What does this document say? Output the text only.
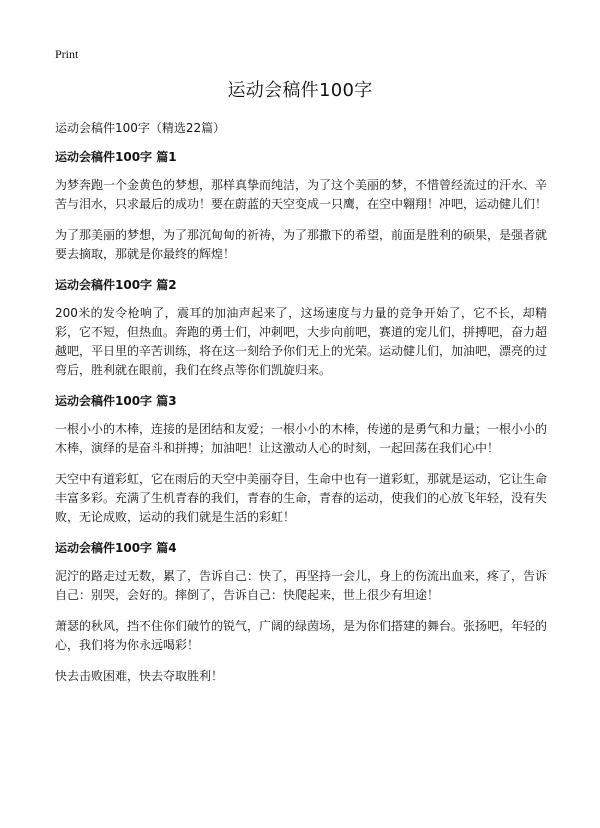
Print
运动会稿件100字

运动会稿件100字（精选22篇）

运动会稿件100字 篇1

为梦奔跑一个金黄色的梦想，那样真挚而纯洁，为了这个美丽的梦，不惜曾经流过的汗水、辛苦与泪水，只求最后的成功！要在蔚蓝的天空变成一只鹰，在空中翱翔！冲吧，运动健儿们！

为了那美丽的梦想，为了那沉甸甸的祈祷，为了那撒下的希望，前面是胜利的硕果，是强者就要去摘取，那就是你最终的辉煌！

运动会稿件100字 篇2

200米的发令枪响了，震耳的加油声起来了，这场速度与力量的竞争开始了，它不长，却精彩，它不短，但热血。奔跑的勇士们，冲刺吧，大步向前吧，赛道的宠儿们，拼搏吧，奋力超越吧，平日里的辛苦训练，将在这一刻给予你们无上的光荣。运动健儿们，加油吧，漂亮的过弯后，胜利就在眼前，我们在终点等你们凯旋归来。

运动会稿件100字 篇3

一根小小的木棒，连接的是团结和友爱；一根小小的木棒，传递的是勇气和力量；一根小小的木棒，演绎的是奋斗和拼搏；加油吧！让这激动人心的时刻，一起回荡在我们心中！

天空中有道彩虹，它在雨后的天空中美丽夺目，生命中也有一道彩虹，那就是运动，它让生命丰富多彩。充满了生机青春的我们，青春的生命，青春的运动，使我们的心放飞年轻，没有失败，无论成败，运动的我们就是生活的彩虹！

运动会稿件100字 篇4

泥泞的路走过无数，累了，告诉自己：快了，再坚持一会儿，身上的伤流出血来，疼了，告诉自己：别哭，会好的。摔倒了，告诉自己：快爬起来，世上很少有坦途！

萧瑟的秋风，挡不住你们破竹的锐气，广阔的绿茵场，是为你们搭建的舞台。张扬吧，年轻的心，我们将为你永远喝彩！

快去击败困难，快去夺取胜利！
